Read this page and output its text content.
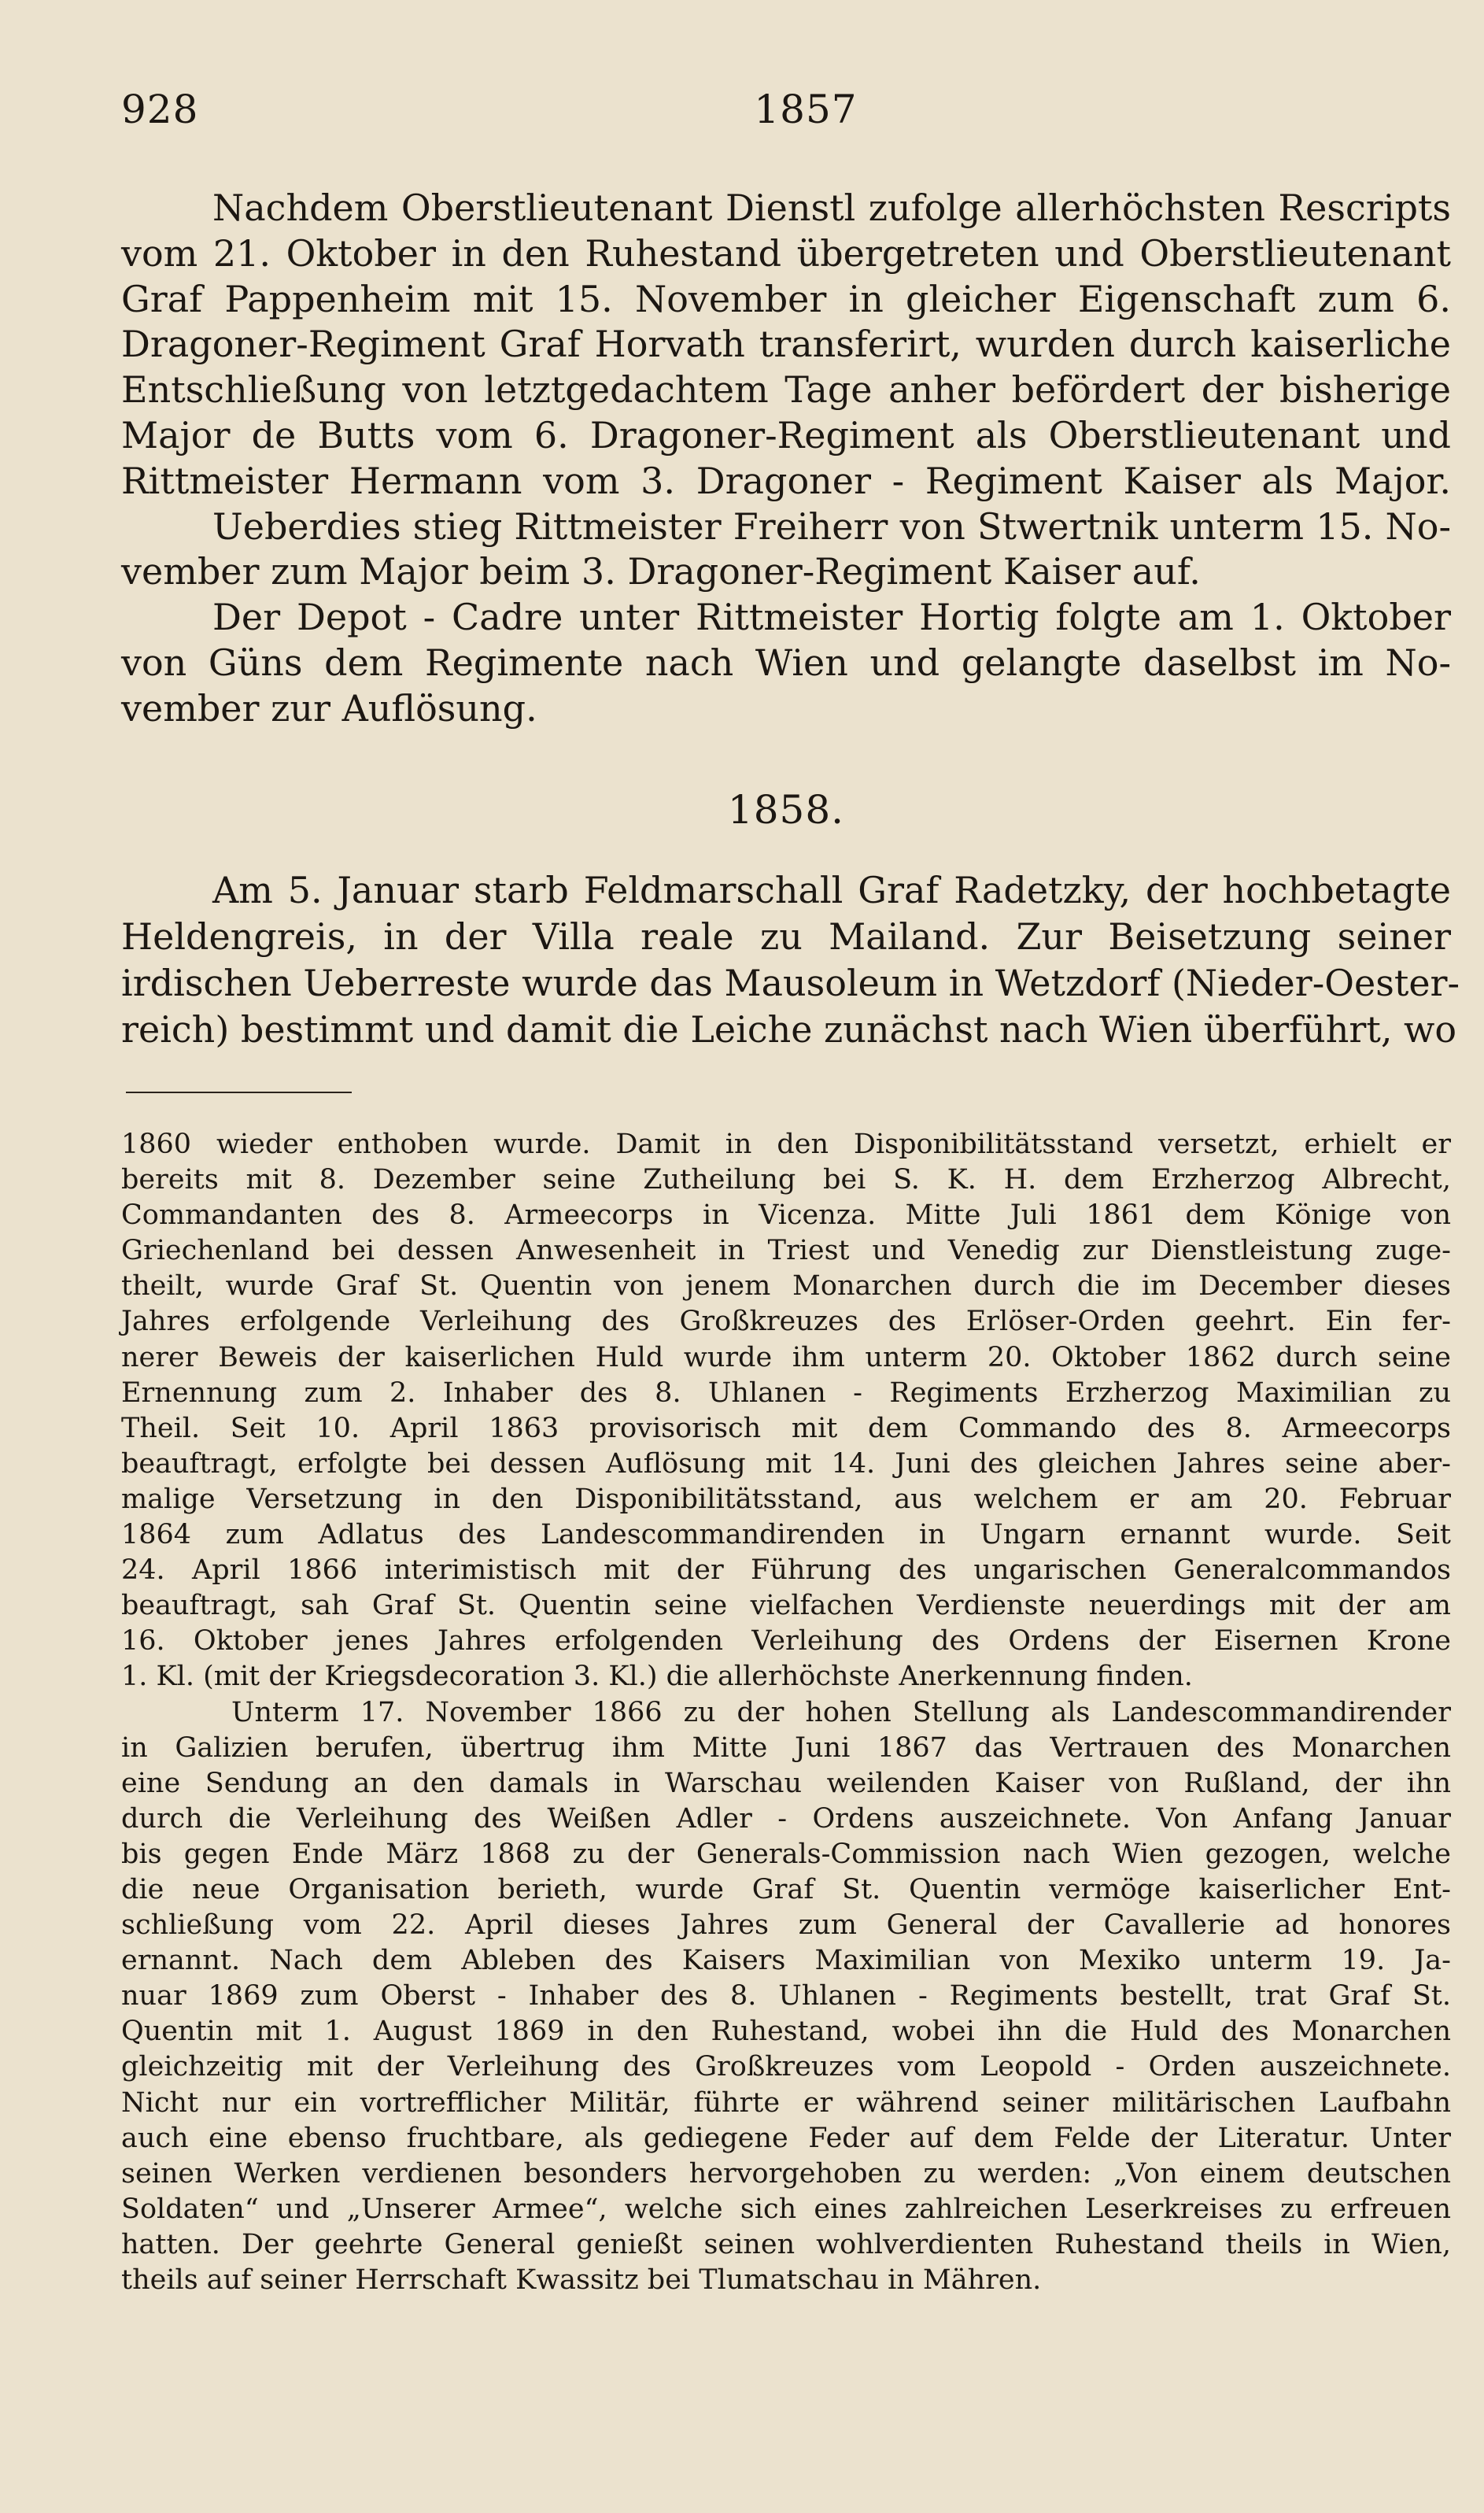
928	1857
Nachdem Oberstlieutenant Dienstl zufolge allerhöchsten Rescripts
vom 21. Oktober in den Ruhestand übergetreten und Oberstlieutenant
Graf Pappenheim mit 15. November in gleicher Eigenschaft zum 6.
Dragoner-Regiment Graf Horvath transferirt, wurden durch kaiserliche
Entschließung von letztgedachtem Tage anher befördert der bisherige
Major de Butts vom 6. Dragoner-Regiment als Oberstlieutenant und
Rittmeister Hermann vom 3. Dragoner - Regiment Kaiser als Major.
Ueberdies stieg Rittmeister Freiherr von Stwertnik unterm 15. No-
vember zum Major beim 3. Dragoner-Regiment Kaiser auf.
Der Depot - Cadre unter Rittmeister Hortig folgte am 1. Oktober
von Güns dem Regimente nach Wien und gelangte daselbst im No-
vember zur Auflösung.
1858.
Am 5. Januar starb Feldmarschall Graf Radetzky, der hochbetagte
Heldengreis, in der Villa reale zu Mailand. Zur Beisetzung seiner
irdischen Ueberreste wurde das Mausoleum in Wetzdorf (Nieder-Oester-
reich) bestimmt und damit die Leiche zunächst nach Wien überführt, wo
1860 wieder enthoben wurde. Damit in den Disponibilitätsstand versetzt, erhielt er
bereits mit 8. Dezember seine Zutheilung bei S. K. H. dem Erzherzog Albrecht,
Commandanten des 8. Armeecorps in Vicenza. Mitte Juli 1861 dem Könige von
Griechenland bei dessen Anwesenheit in Triest und Venedig zur Dienstleistung zuge-
theilt, wurde Graf St. Quentin von jenem Monarchen durch die im December dieses
Jahres erfolgende Verleihung des Großkreuzes des Erlöser-Orden geehrt. Ein fer-
nerer Beweis der kaiserlichen Huld wurde ihm unterm 20. Oktober 1862 durch seine
Ernennung zum 2. Inhaber des 8. Uhlanen - Regiments Erzherzog Maximilian zu
Theil. Seit 10. April 1863 provisorisch mit dem Commando des 8. Armeecorps
beauftragt, erfolgte bei dessen Auflösung mit 14. Juni des gleichen Jahres seine aber-
malige Versetzung in den Disponibilitätsstand, aus welchem er am 20. Februar
1864 zum Adlatus des Landescommandirenden in Ungarn ernannt wurde. Seit
24. April 1866 interimistisch mit der Führung des ungarischen Generalcommandos
beauftragt, sah Graf St. Quentin seine vielfachen Verdienste neuerdings mit der am
16. Oktober jenes Jahres erfolgenden Verleihung des Ordens der Eisernen Krone
1. Kl. (mit der Kriegsdecoration 3. Kl.) die allerhöchste Anerkennung finden.
Unterm 17. November 1866 zu der hohen Stellung als Landescommandirender
in Galizien berufen, übertrug ihm Mitte Juni 1867 das Vertrauen des Monarchen
eine Sendung an den damals in Warschau weilenden Kaiser von Rußland, der ihn
durch die Verleihung des Weißen Adler - Ordens auszeichnete. Von Anfang Januar
bis gegen Ende März 1868 zu der Generals-Commission nach Wien gezogen, welche
die neue Organisation berieth, wurde Graf St. Quentin vermöge kaiserlicher Ent-
schließung vom 22. April dieses Jahres zum General der Cavallerie ad honores
ernannt. Nach dem Ableben des Kaisers Maximilian von Mexiko unterm 19. Ja-
nuar 1869 zum Oberst - Inhaber des 8. Uhlanen - Regiments bestellt, trat Graf St.
Quentin mit 1. August 1869 in den Ruhestand, wobei ihn die Huld des Monarchen
gleichzeitig mit der Verleihung des Großkreuzes vom Leopold - Orden auszeichnete.
Nicht nur ein vortrefflicher Militär, führte er während seiner militärischen Laufbahn
auch eine ebenso fruchtbare, als gediegene Feder auf dem Felde der Literatur. Unter
seinen Werken verdienen besonders hervorgehoben zu werden: „Von einem deutschen
Soldaten“ und „Unserer Armee“, welche sich eines zahlreichen Leserkreises zu erfreuen
hatten. Der geehrte General genießt seinen wohlverdienten Ruhestand theils in Wien,
theils auf seiner Herrschaft Kwassitz bei Tlumatschau in Mähren.
